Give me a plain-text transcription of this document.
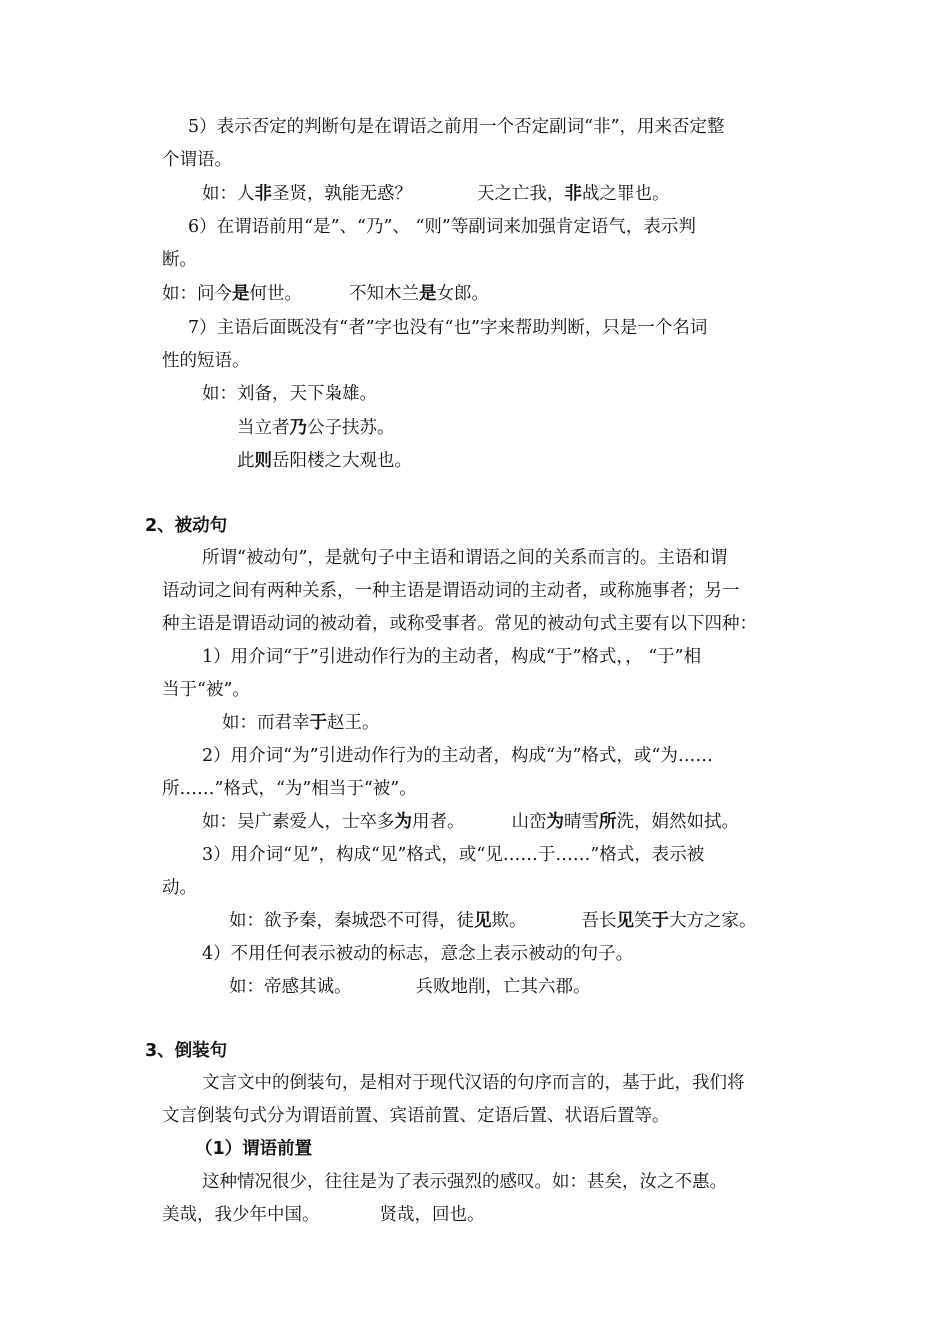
5）表示否定的判断句是在谓语之前用一个否定副词“非”，用来否定整
个谓语。
如：人非圣贤，孰能无惑？	天之亡我，非战之罪也。
6）在谓语前用“是”、“乃”、 “则”等副词来加强肯定语气，表示判
断。
如：问今是何世。	不知木兰是女郎。
7）主语后面既没有“者”字也没有“也”字来帮助判断，只是一个名词
性的短语。
如：刘备，天下枭雄。
当立者乃公子扶苏。
此则岳阳楼之大观也。
2、被动句
所谓“被动句”，是就句子中主语和谓语之间的关系而言的。主语和谓
语动词之间有两种关系，一种主语是谓语动词的主动者，或称施事者；另一
种主语是谓语动词的被动着，或称受事者。常见的被动句式主要有以下四种：
1）用介词“于”引进动作行为的主动者，构成“于”格式，， “于”相
当于“被”。
如：而君幸于赵王。
2）用介词“为”引进动作行为的主动者，构成“为”格式，或“为……
所……”格式，“为”相当于“被”。
如：吴广素爱人，士卒多为用者。	山峦为晴雪所洗，娟然如拭。
3）用介词“见”，构成“见”格式，或“见……于……”格式，表示被
动。
如：欲予秦，秦城恐不可得，徒见欺。	吾长见笑于大方之家。
4）不用任何表示被动的标志，意念上表示被动的句子。
如：帝感其诚。	兵败地削，亡其六郡。
3、倒装句
文言文中的倒装句，是相对于现代汉语的句序而言的，基于此，我们将
文言倒装句式分为谓语前置、宾语前置、定语后置、状语后置等。
（1）谓语前置
这种情况很少，往往是为了表示强烈的感叹。如：甚矣，汝之不惠。
美哉，我少年中国。	贤哉，回也。
